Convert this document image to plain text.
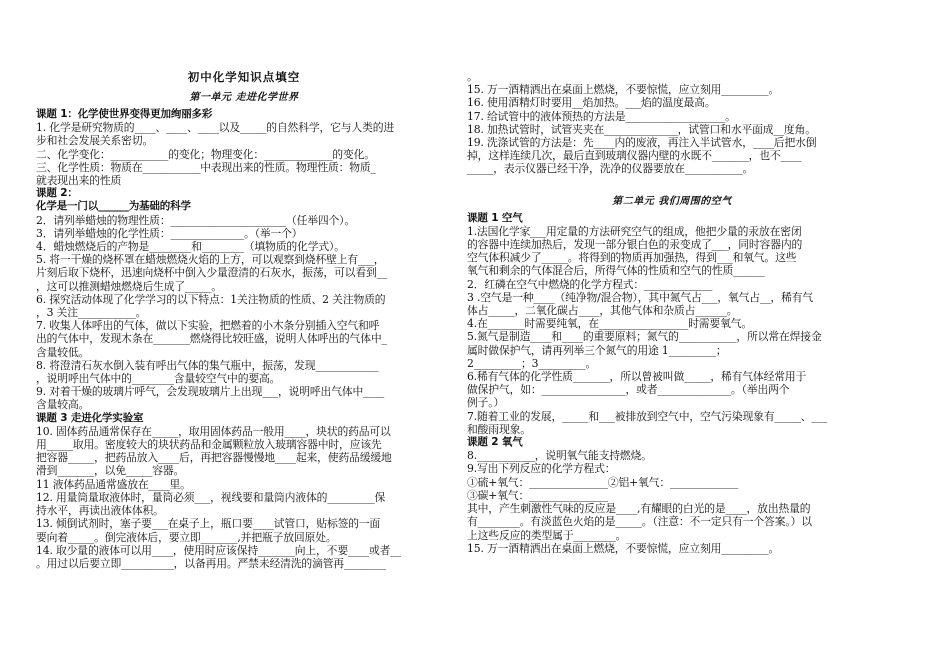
初中化学知识点填空
第一单元 走进化学世界
课题 1：化学使世界变得更加绚丽多彩
1. 化学是研究物质的____、____、____以及_____的自然科学，它与人类的进
步和社会发展关系密切。
二、化学变化：___________的变化；物理变化：_____________的变化。
三、化学性质：物质在___________中表现出来的性质。物理性质：物质_
就表现出来的性质
课题 2：
化学是一门以______为基础的科学
2．请列举蜡烛的物理性质：______________________（任举四个）。
3．请列举蜡烛的化学性质：______________。（举一个）
4．蜡烛燃烧后的产物是________和________（填物质的化学式）。
5. 将一干燥的烧杯罩在蜡烛燃烧火焰的上方，可以观察到烧杯壁上有___，
片刻后取下烧杯，迅速向烧杯中倒入少量澄清的石灰水，振荡，可以看到__
，这可以推测蜡烛燃烧后生成了_____。
6. 探究活动体现了化学学习的以下特点：1关注物质的性质、2 关注物质的
，3 关注___________。
7. 收集人体呼出的气体，做以下实验，把燃着的小木条分别插入空气和呼
出的气体中，发现木条在_______燃烧得比较旺盛，说明人体呼出的气体中_
含量较低。
8. 将澄清石灰水倒入装有呼出气体的集气瓶中，振荡，发现____________
，说明呼出气体中的________含量较空气中的要高。
9. 对着干燥的玻璃片呼气，会发现玻璃片上出现___，说明呼出气体中____
含量较高。
课题 3 走进化学实验室
10. 固体药品通常保存在_____，取用固体药品一般用____，块状的药品可以
用_____取用。密度较大的块状药品和金属颗粒放入玻璃容器中时，应该先
把容器_____，把药品放入____后，再把容器慢慢地____起来，使药品缓缓地
滑到_______，以免_____容器。
11 液体药品通常盛放在____里。
12. 用量筒量取液体时，量筒必须___，视线要和量筒内液体的_________保
持水平，再读出液体体积。
13. 倾倒试剂时，塞子要___在桌子上，瓶口要____试管口，贴标签的一面
要向着_____。倒完液体后，要立即_______,并把瓶子放回原处。
14. 取少量的液体可以用____，使用时应该保持_______向上，不要____或者__
。用过以后要立即__________，以备再用。严禁未经清洗的滴管再________
。
15. 万一酒精洒出在桌面上燃烧，不要惊慌，应立刻用_________。
16. 使用酒精灯时要用__焰加热。___焰的温度最高。
17. 给试管中的液体预热的方法是___________________。
18. 加热试管时，试管夹夹在______________，试管口和水平面成__度角。
19. 洗涤试管的方法是：先____内的废液，再注入半试管水，____后把水倒
掉，这样连续几次，最后直到玻璃仪器内壁的水既不_______，也不____
_____，表示仪器已经干净，洗净的仪器要放在___________。
第二单元 我们周围的空气
课题 1 空气
1.法国化学家___用定量的方法研究空气的组成，他把少量的汞放在密闭
的容器中连续加热后，发现一部分银白色的汞变成了___，同时容器内的
空气体积减少了_____。将得到的物质再加强热，得到___和氧气。这些
氧气和剩余的气体混合后，所得气体的性质和空气的性质______
2．红磷在空气中燃烧的化学方程式：_____________
3 .空气是一种____（纯净物/混合物），其中氮气占___，氧气占__，稀有气
体占_____，二氧化碳占____，其他气体和杂质占______。
4.在_______时需要纯氧，在_________________时需要氧气。
5.氮气是制造____和____的重要原料；氮气的___________，所以常在焊接金
属时做保护气，请再列举三个氮气的用途 1_________；
2_________；3_________。
6.稀有气体的化学性质_______，所以曾被叫做_____，稀有气体经常用于
做保护气，如：________________，或者______________。（举出两个
例子。）
7.随着工业的发展，_____和___被排放到空气中，空气污染现象有_____、___
和酸雨现象。
课题 2 氧气
8.___________，说明氧气能支持燃烧。
9.写出下列反应的化学方程式：
①硫+氧气：_______________②铝+氧气：_____________
③碳+氧气：_______________
其中，产生刺激性气味的反应是____,有耀眼的白光的是____，放出热量的
有________。有淡蓝色火焰的是_____。（注意：不一定只有一个答案。）以
上这些反应的类型属于________。
15. 万一酒精洒出在桌面上燃烧，不要惊慌，应立刻用_________。
